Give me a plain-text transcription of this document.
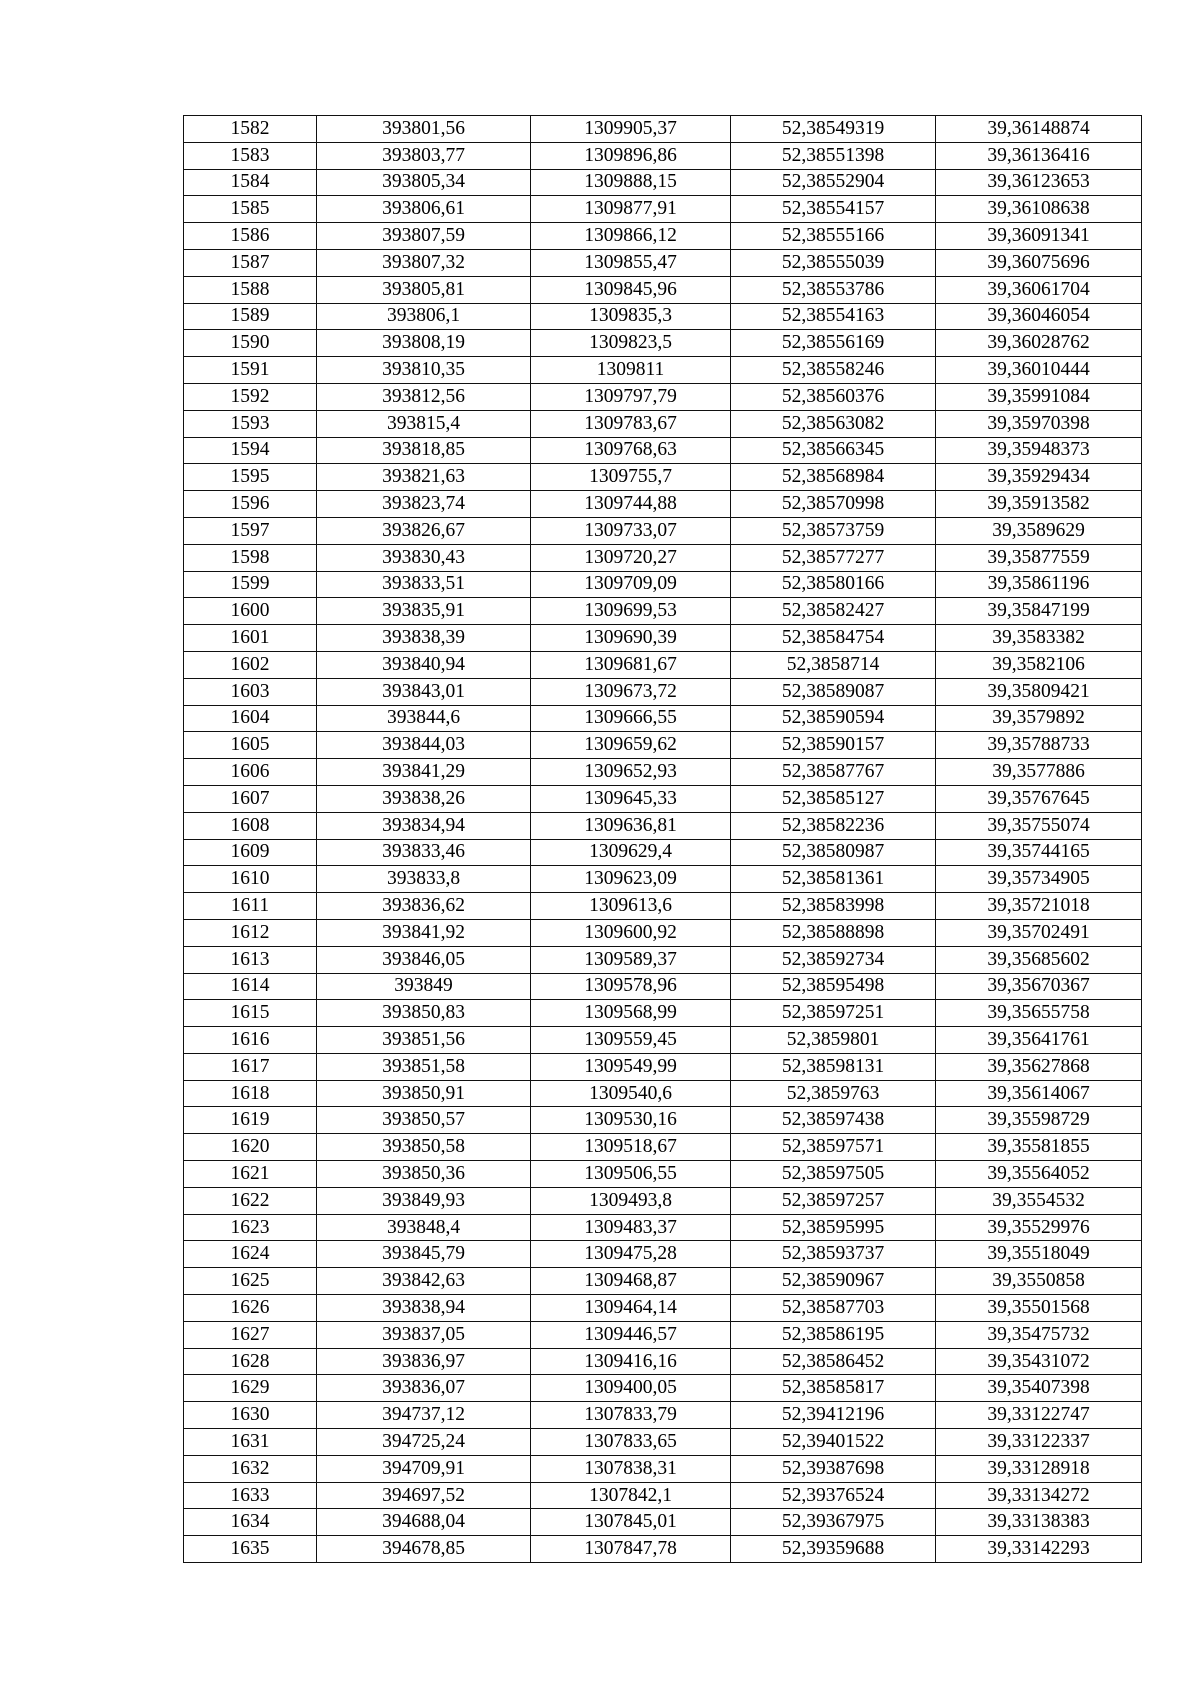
1582	393801,56	1309905,37	52,38549319	39,36148874
1583	393803,77	1309896,86	52,38551398	39,36136416
1584	393805,34	1309888,15	52,38552904	39,36123653
1585	393806,61	1309877,91	52,38554157	39,36108638
1586	393807,59	1309866,12	52,38555166	39,36091341
1587	393807,32	1309855,47	52,38555039	39,36075696
1588	393805,81	1309845,96	52,38553786	39,36061704
1589	393806,1	1309835,3	52,38554163	39,36046054
1590	393808,19	1309823,5	52,38556169	39,36028762
1591	393810,35	1309811	52,38558246	39,36010444
1592	393812,56	1309797,79	52,38560376	39,35991084
1593	393815,4	1309783,67	52,38563082	39,35970398
1594	393818,85	1309768,63	52,38566345	39,35948373
1595	393821,63	1309755,7	52,38568984	39,35929434
1596	393823,74	1309744,88	52,38570998	39,35913582
1597	393826,67	1309733,07	52,38573759	39,3589629
1598	393830,43	1309720,27	52,38577277	39,35877559
1599	393833,51	1309709,09	52,38580166	39,35861196
1600	393835,91	1309699,53	52,38582427	39,35847199
1601	393838,39	1309690,39	52,38584754	39,3583382
1602	393840,94	1309681,67	52,3858714	39,3582106
1603	393843,01	1309673,72	52,38589087	39,35809421
1604	393844,6	1309666,55	52,38590594	39,3579892
1605	393844,03	1309659,62	52,38590157	39,35788733
1606	393841,29	1309652,93	52,38587767	39,3577886
1607	393838,26	1309645,33	52,38585127	39,35767645
1608	393834,94	1309636,81	52,38582236	39,35755074
1609	393833,46	1309629,4	52,38580987	39,35744165
1610	393833,8	1309623,09	52,38581361	39,35734905
1611	393836,62	1309613,6	52,38583998	39,35721018
1612	393841,92	1309600,92	52,38588898	39,35702491
1613	393846,05	1309589,37	52,38592734	39,35685602
1614	393849	1309578,96	52,38595498	39,35670367
1615	393850,83	1309568,99	52,38597251	39,35655758
1616	393851,56	1309559,45	52,3859801	39,35641761
1617	393851,58	1309549,99	52,38598131	39,35627868
1618	393850,91	1309540,6	52,3859763	39,35614067
1619	393850,57	1309530,16	52,38597438	39,35598729
1620	393850,58	1309518,67	52,38597571	39,35581855
1621	393850,36	1309506,55	52,38597505	39,35564052
1622	393849,93	1309493,8	52,38597257	39,3554532
1623	393848,4	1309483,37	52,38595995	39,35529976
1624	393845,79	1309475,28	52,38593737	39,35518049
1625	393842,63	1309468,87	52,38590967	39,3550858
1626	393838,94	1309464,14	52,38587703	39,35501568
1627	393837,05	1309446,57	52,38586195	39,35475732
1628	393836,97	1309416,16	52,38586452	39,35431072
1629	393836,07	1309400,05	52,38585817	39,35407398
1630	394737,12	1307833,79	52,39412196	39,33122747
1631	394725,24	1307833,65	52,39401522	39,33122337
1632	394709,91	1307838,31	52,39387698	39,33128918
1633	394697,52	1307842,1	52,39376524	39,33134272
1634	394688,04	1307845,01	52,39367975	39,33138383
1635	394678,85	1307847,78	52,39359688	39,33142293
